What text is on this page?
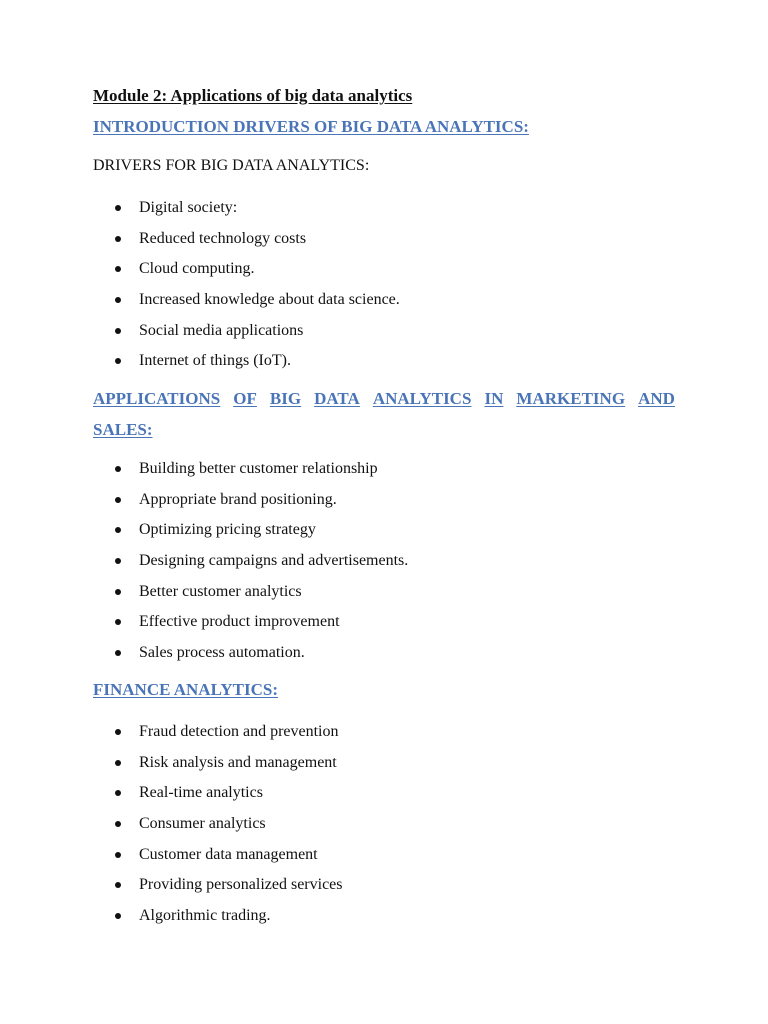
Module 2: Applications of big data analytics
INTRODUCTION DRIVERS OF BIG DATA ANALYTICS:

DRIVERS FOR BIG DATA ANALYTICS:

Digital society:
Reduced technology costs
Cloud computing.
Increased knowledge about data science.
Social media applications
Internet of things (IoT).
APPLICATIONS OF BIG DATA ANALYTICS IN MARKETING AND
SALES:
Building better customer relationship
Appropriate brand positioning.
Optimizing pricing strategy
Designing campaigns and advertisements.
Better customer analytics
Effective product improvement
Sales process automation.
FINANCE ANALYTICS:
Fraud detection and prevention
Risk analysis and management
Real-time analytics
Consumer analytics
Customer data management
Providing personalized services
Algorithmic trading.
